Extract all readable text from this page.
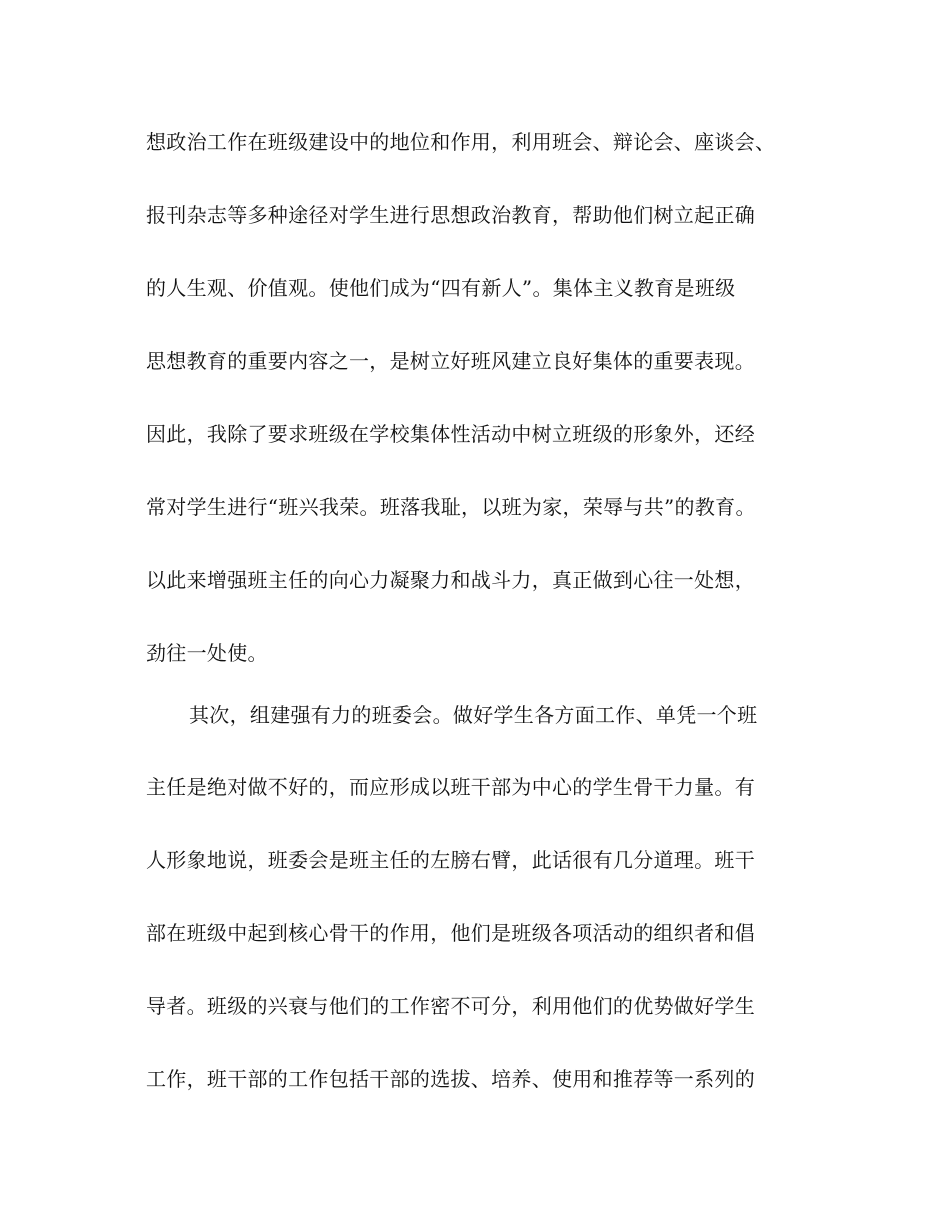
想政治工作在班级建设中的地位和作用，利用班会、辩论会、座谈会、
报刊杂志等多种途径对学生进行思想政治教育，帮助他们树立起正确
的人生观、价值观。使他们成为“四有新人”。集体主义教育是班级
思想教育的重要内容之一，是树立好班风建立良好集体的重要表现。
因此，我除了要求班级在学校集体性活动中树立班级的形象外，还经
常对学生进行“班兴我荣。班落我耻，以班为家，荣辱与共”的教育。
以此来增强班主任的向心力凝聚力和战斗力，真正做到心往一处想，
劲往一处使。
其次，组建强有力的班委会。做好学生各方面工作、单凭一个班
主任是绝对做不好的，而应形成以班干部为中心的学生骨干力量。有
人形象地说，班委会是班主任的左膀右臂，此话很有几分道理。班干
部在班级中起到核心骨干的作用，他们是班级各项活动的组织者和倡
导者。班级的兴衰与他们的工作密不可分，利用他们的优势做好学生
工作，班干部的工作包括干部的选拔、培养、使用和推荐等一系列的
